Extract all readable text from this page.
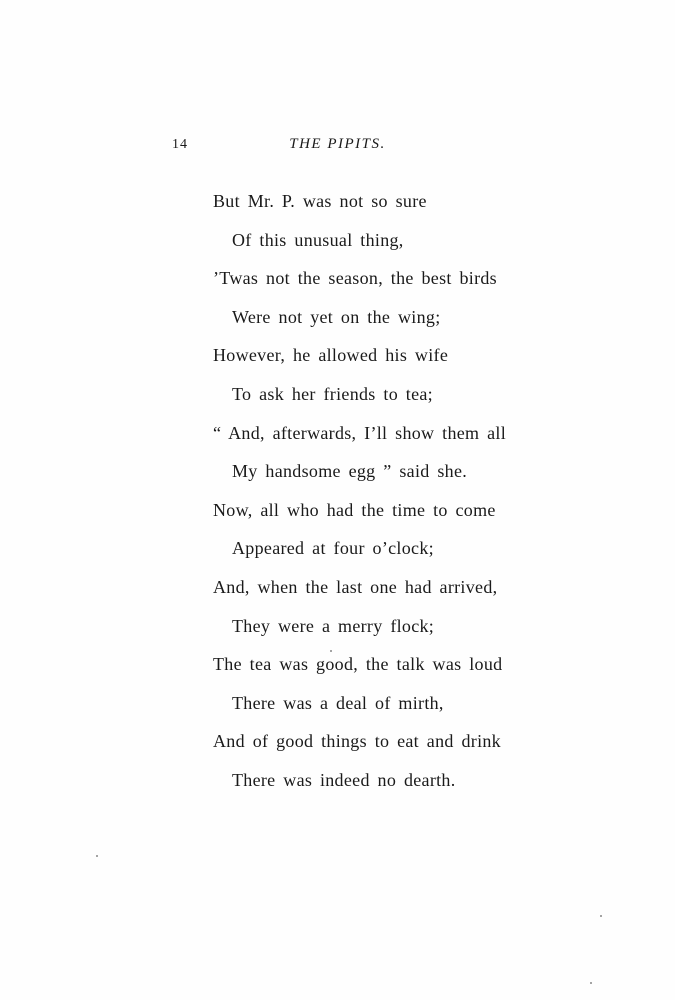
14	THE PIPITS.
But Mr. P. was not so sure
Of this unusual thing,
’Twas not the season, the best birds
Were not yet on the wing;
However, he allowed his wife
To ask her friends to tea;
“ And, afterwards, I’ll show them all
My handsome egg ” said she.
Now, all who had the time to come
Appeared at four o’clock;
And, when the last one had arrived,
They were a merry flock;
The tea was good, the talk was loud
There was a deal of mirth,
And of good things to eat and drink
There was indeed no dearth.
